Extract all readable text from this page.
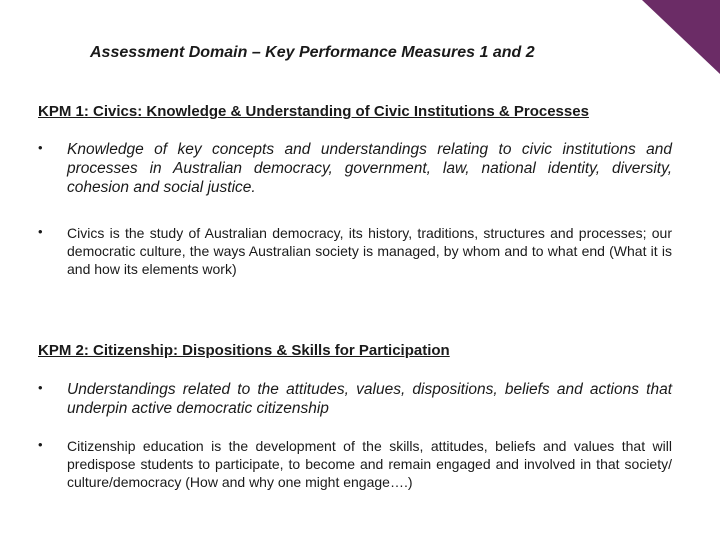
Assessment Domain – Key Performance Measures 1 and 2
KPM 1: Civics: Knowledge & Understanding of Civic Institutions & Processes
• Knowledge of key concepts and understandings relating to civic institutions and processes in Australian democracy, government, law, national identity, diversity, cohesion and social justice.
• Civics is the study of Australian democracy, its history, traditions, structures and processes; our democratic culture, the ways Australian society is managed, by whom and to what end (What it is and how its elements work)
KPM 2: Citizenship: Dispositions & Skills for Participation
• Understandings related to the attitudes, values, dispositions, beliefs and actions that underpin active democratic citizenship
• Citizenship education is the development of the skills, attitudes, beliefs and values that will predispose students to participate, to become and remain engaged and involved in that society/ culture/democracy (How and why one might engage….)
